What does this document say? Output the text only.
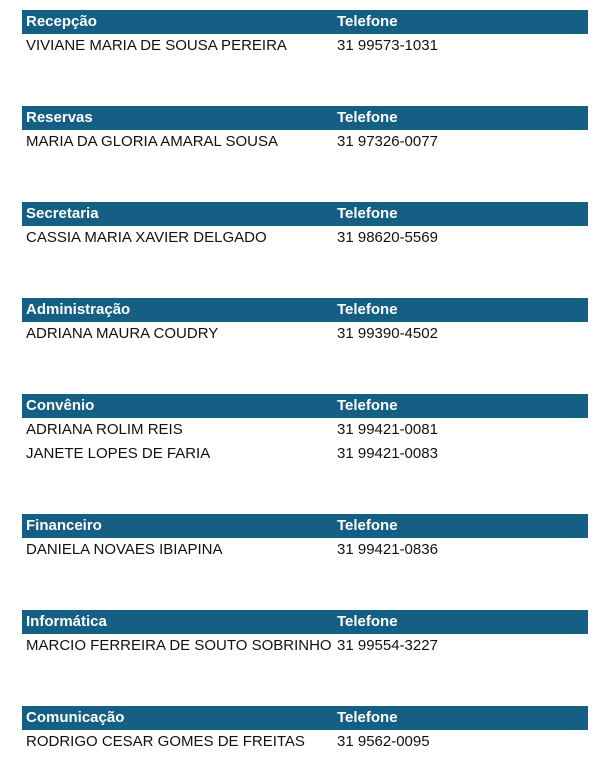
Recepção	Telefone
VIVIANE MARIA DE SOUSA PEREIRA	31 99573-1031
Reservas	Telefone
MARIA DA GLORIA AMARAL SOUSA	31 97326-0077
Secretaria	Telefone
CASSIA MARIA XAVIER DELGADO	31 98620-5569
Administração	Telefone
ADRIANA MAURA COUDRY	31 99390-4502
Convênio	Telefone
ADRIANA ROLIM REIS	31 99421-0081
JANETE LOPES DE FARIA	31 99421-0083
Financeiro	Telefone
DANIELA NOVAES IBIAPINA	31 99421-0836
Informática	Telefone
MARCIO FERREIRA DE SOUTO SOBRINHO 31 99554-3227
Comunicação	Telefone
RODRIGO CESAR GOMES DE FREITAS 31 9562-0095
